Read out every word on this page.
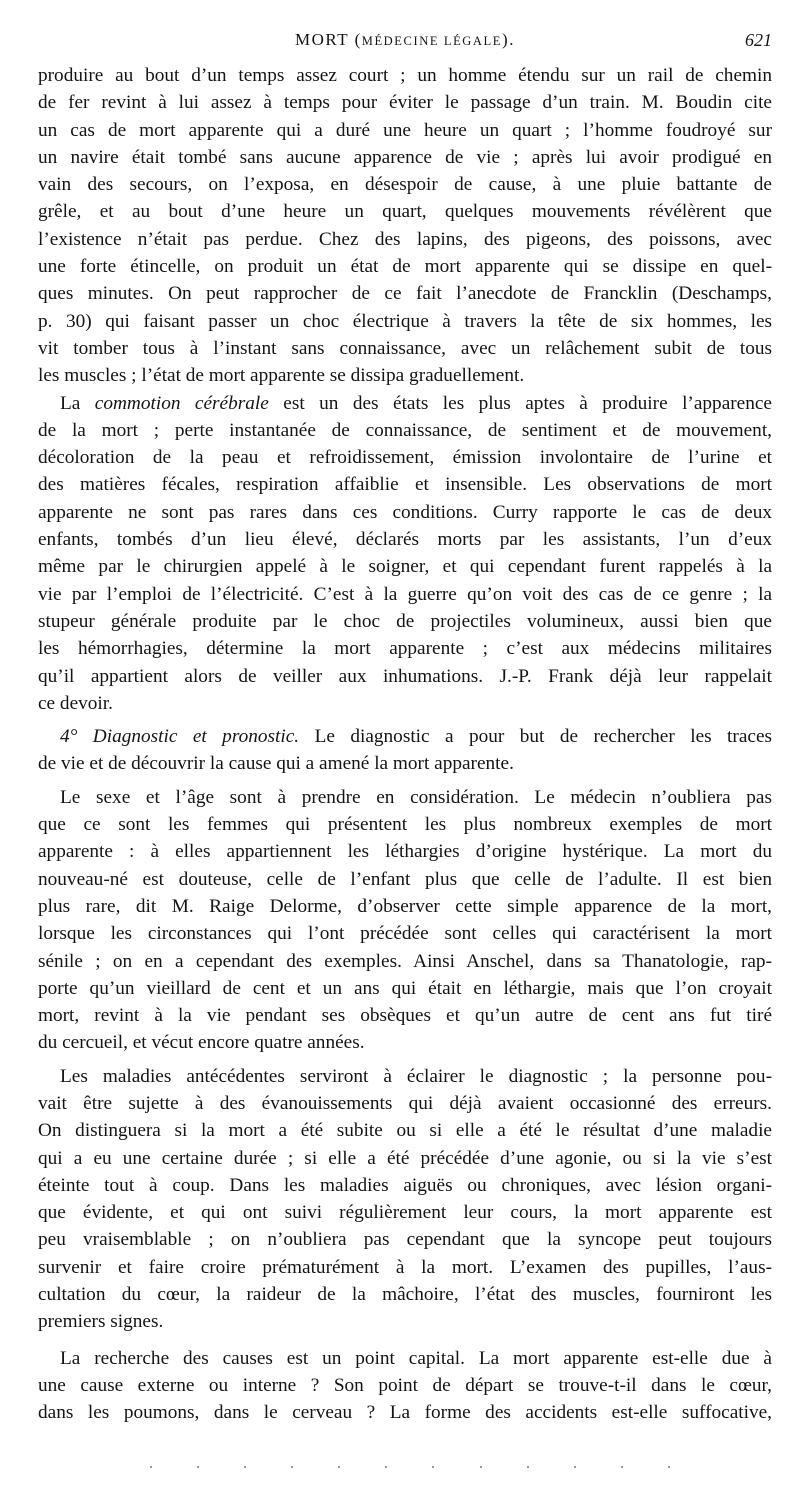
MORT (MÉDECINE LÉGALE).	621
produire au bout d’un temps assez court ; un homme étendu sur un rail de chemin
de fer revint à lui assez à temps pour éviter le passage d’un train. M. Boudin cite
un cas de mort apparente qui a duré une heure un quart ; l’homme foudroyé sur
un navire était tombé sans aucune apparence de vie ; après lui avoir prodigué en
vain des secours, on l’exposa, en désespoir de cause, à une pluie battante de
grêle, et au bout d’une heure un quart, quelques mouvements révélèrent que
l’existence n’était pas perdue. Chez des lapins, des pigeons, des poissons, avec
une forte étincelle, on produit un état de mort apparente qui se dissipe en quel-
ques minutes. On peut rapprocher de ce fait l’anecdote de Francklin (Deschamps,
p. 30) qui faisant passer un choc électrique à travers la tête de six hommes, les
vit tomber tous à l’instant sans connaissance, avec un relâchement subit de tous
les muscles ; l’état de mort apparente se dissipa graduellement.
La commotion cérébrale est un des états les plus aptes à produire l’apparence
de la mort ; perte instantanée de connaissance, de sentiment et de mouvement,
décoloration de la peau et refroidissement, émission involontaire de l’urine et
des matières fécales, respiration affaiblie et insensible. Les observations de mort
apparente ne sont pas rares dans ces conditions. Curry rapporte le cas de deux
enfants, tombés d’un lieu élevé, déclarés morts par les assistants, l’un d’eux
même par le chirurgien appelé à le soigner, et qui cependant furent rappelés à la
vie par l’emploi de l’électricité. C’est à la guerre qu’on voit des cas de ce genre ; la
stupeur générale produite par le choc de projectiles volumineux, aussi bien que
les hémorrhagies, détermine la mort apparente ; c’est aux médecins militaires
qu’il appartient alors de veiller aux inhumations. J.-P. Frank déjà leur rappelait
ce devoir.
4° Diagnostic et pronostic. Le diagnostic a pour but de rechercher les traces
de vie et de découvrir la cause qui a amené la mort apparente.
Le sexe et l’âge sont à prendre en considération. Le médecin n’oubliera pas
que ce sont les femmes qui présentent les plus nombreux exemples de mort
apparente : à elles appartiennent les léthargies d’origine hystérique. La mort du
nouveau-né est douteuse, celle de l’enfant plus que celle de l’adulte. Il est bien
plus rare, dit M. Raige Delorme, d’observer cette simple apparence de la mort,
lorsque les circonstances qui l’ont précédée sont celles qui caractérisent la mort
sénile ; on en a cependant des exemples. Ainsi Anschel, dans sa Thanatologie, rap-
porte qu’un vieillard de cent et un ans qui était en léthargie, mais que l’on croyait
mort, revint à la vie pendant ses obsèques et qu’un autre de cent ans fut tiré
du cercueil, et vécut encore quatre années.
Les maladies antécédentes serviront à éclairer le diagnostic ; la personne pou-
vait être sujette à des évanouissements qui déjà avaient occasionné des erreurs.
On distinguera si la mort a été subite ou si elle a été le résultat d’une maladie
qui a eu une certaine durée ; si elle a été précédée d’une agonie, ou si la vie s’est
éteinte tout à coup. Dans les maladies aiguës ou chroniques, avec lésion organi-
que évidente, et qui ont suivi régulièrement leur cours, la mort apparente est
peu vraisemblable ; on n’oubliera pas cependant que la syncope peut toujours
survenir et faire croire prématurément à la mort. L’examen des pupilles, l’aus-
cultation du cœur, la raideur de la mâchoire, l’état des muscles, fourniront les
premiers signes.
La recherche des causes est un point capital. La mort apparente est-elle due à
une cause externe ou interne ? Son point de départ se trouve-t-il dans le cœur,
dans les poumons, dans le cerveau ? La forme des accidents est-elle suffocative,
